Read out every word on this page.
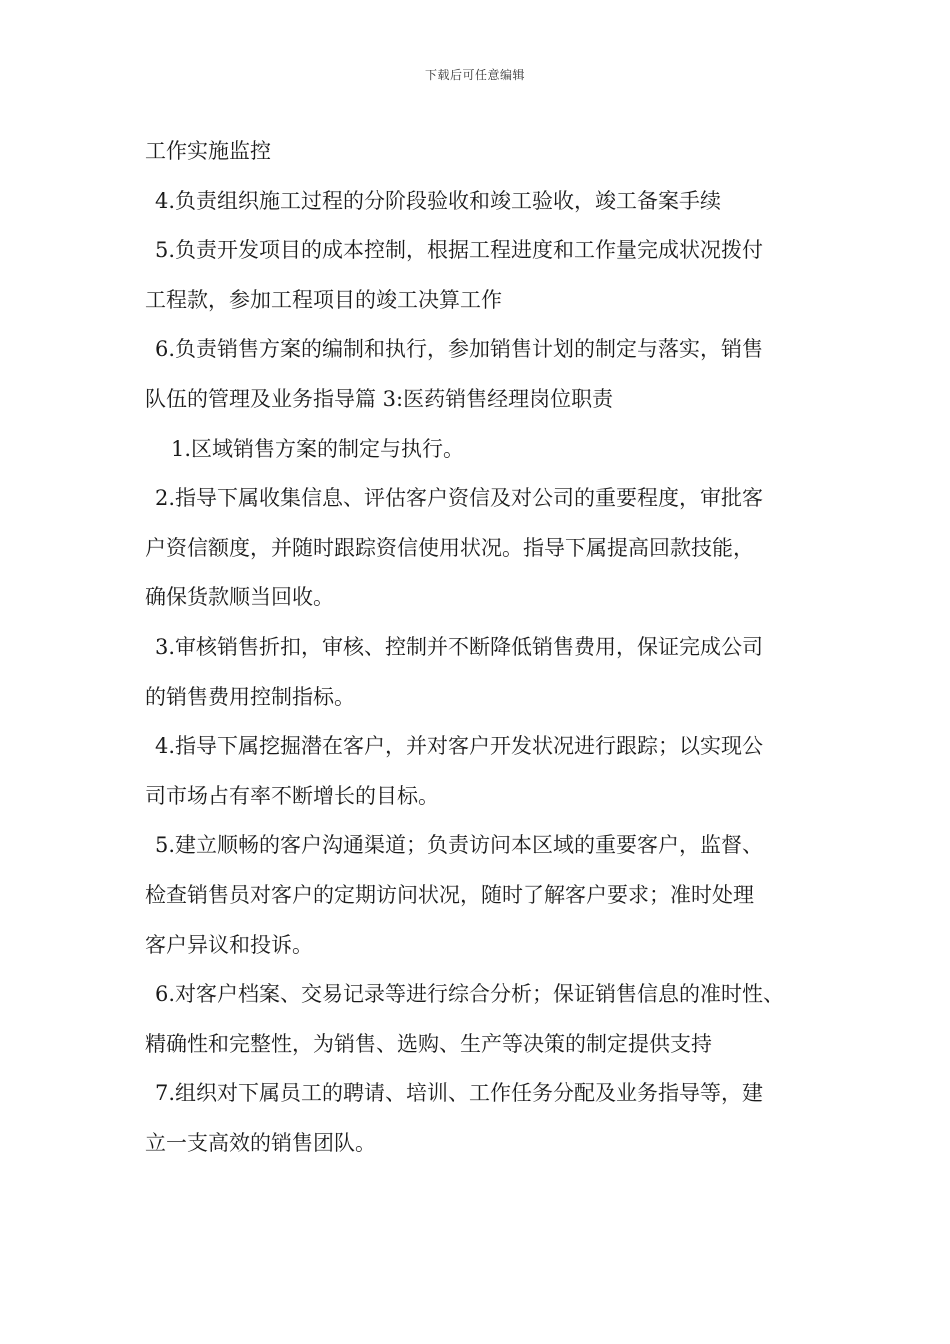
下载后可任意编辑
工作实施监控
4.负责组织施工过程的分阶段验收和竣工验收，竣工备案手续
5.负责开发项目的成本控制，根据工程进度和工作量完成状况拨付
工程款，参加工程项目的竣工决算工作
6.负责销售方案的编制和执行，参加销售计划的制定与落实，销售
队伍的管理及业务指导篇 3:医药销售经理岗位职责
1.区域销售方案的制定与执行。
2.指导下属收集信息、评估客户资信及对公司的重要程度，审批客
户资信额度，并随时跟踪资信使用状况。指导下属提高回款技能，
确保货款顺当回收。
3.审核销售折扣，审核、控制并不断降低销售费用，保证完成公司
的销售费用控制指标。
4.指导下属挖掘潜在客户，并对客户开发状况进行跟踪；以实现公
司市场占有率不断增长的目标。
5.建立顺畅的客户沟通渠道；负责访问本区域的重要客户，监督、
检查销售员对客户的定期访问状况，随时了解客户要求；准时处理
客户异议和投诉。
6.对客户档案、交易记录等进行综合分析；保证销售信息的准时性、
精确性和完整性，为销售、选购、生产等决策的制定提供支持
7.组织对下属员工的聘请、培训、工作任务分配及业务指导等，建
立一支高效的销售团队。
